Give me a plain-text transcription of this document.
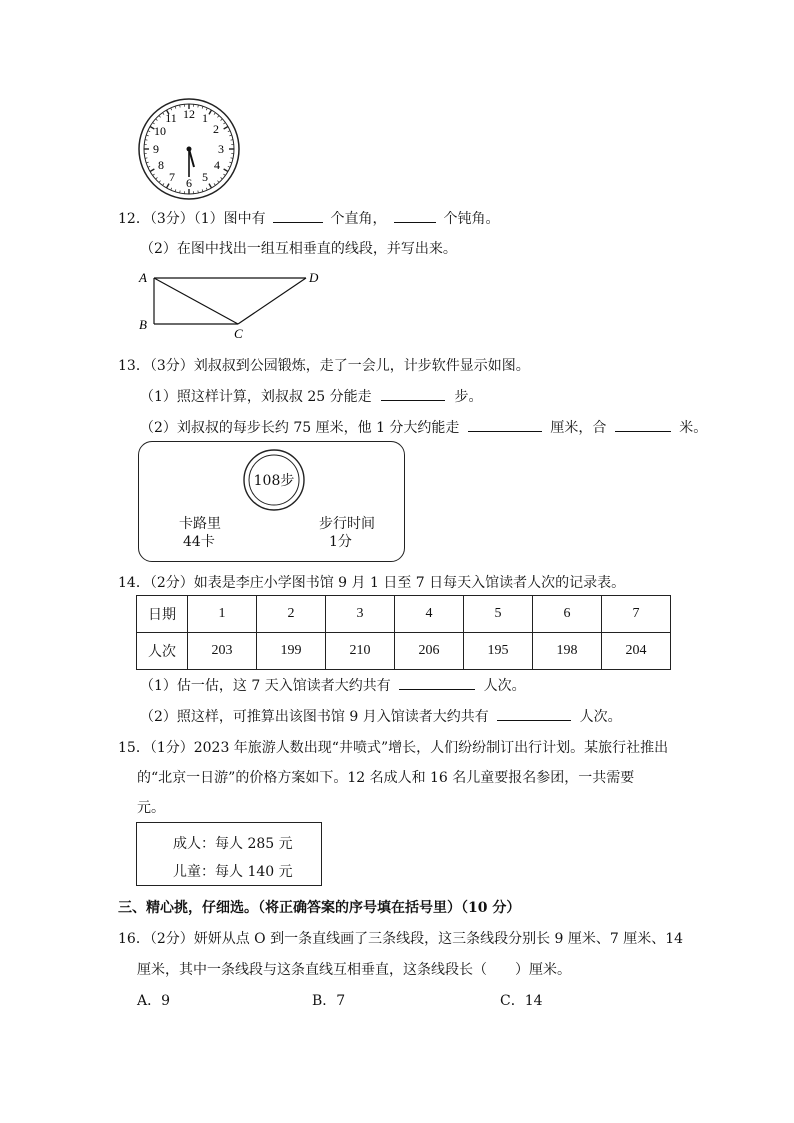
12 1
2
3
4
5
6
7
8
9
10
11
12．（3分）（1）图中有	个直角，	个钝角。
（2）在图中找出一组互相垂直的线段，并写出来。
A	D
B
C
13．（3分）刘叔叔到公园锻炼，走了一会儿，计步软件显示如图。
（1）照这样计算，刘叔叔 25 分能走	步。
（2）刘叔叔的每步长约 75 厘米，他 1 分大约能走	厘米，合	米。
108步
卡路里
44卡
步行时间
1分
14．（2分）如表是李庄小学图书馆 9 月 1 日至 7 日每天入馆读者人次的记录表。
日期	1	2	3	4	5	6	7
人次	203	199	210	206	195	198	204
（1）估一估，这 7 天入馆读者大约共有	人次。
（2）照这样，可推算出该图书馆 9 月入馆读者大约共有	人次。
15．（1分）2023 年旅游人数出现“井喷式”增长，人们纷纷制订出行计划。某旅行社推出
的“北京一日游”的价格方案如下。12 名成人和 16 名儿童要报名参团，一共需要
元。
成人：每人 285 元
儿童：每人 140 元
三、精心挑，仔细选。（将正确答案的序号填在括号里）（10 分）
16．（2分）妍妍从点 O 到一条直线画了三条线段，这三条线段分别长 9 厘米、7 厘米、14
厘米，其中一条线段与这条直线互相垂直，这条线段长（　　）厘米。
A．9	B．7	C．14
